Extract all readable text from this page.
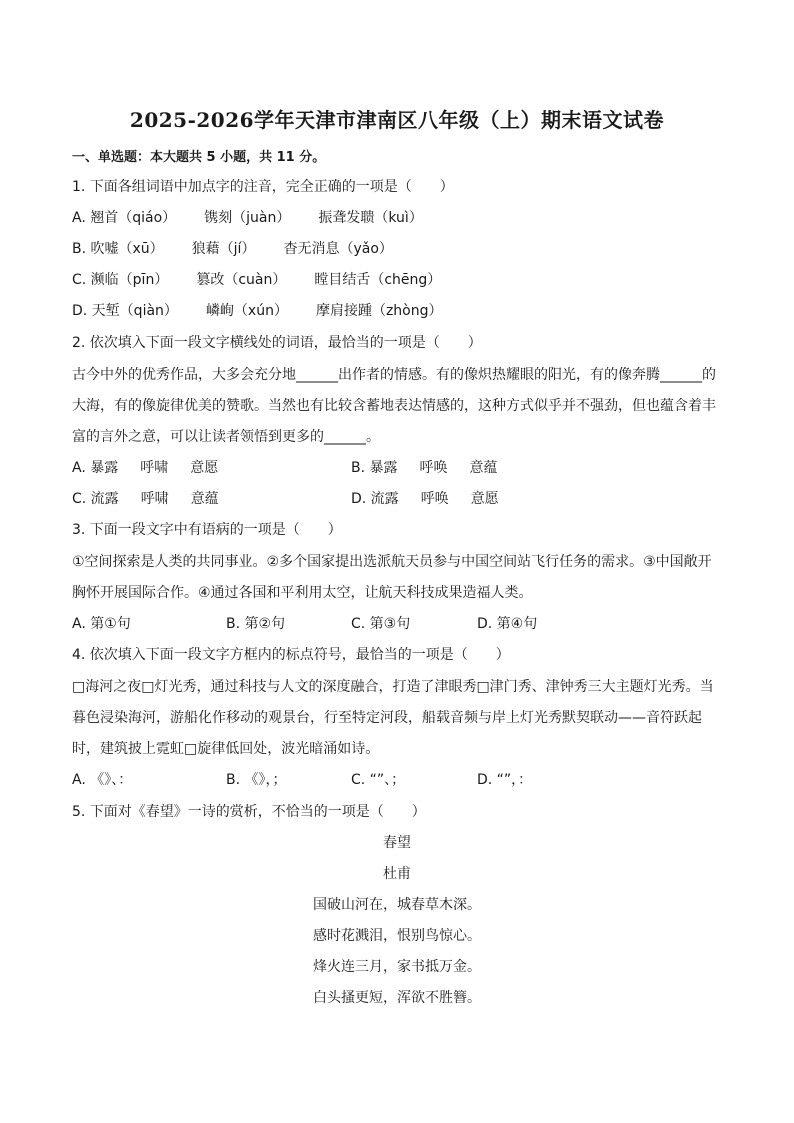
2025-2026学年天津市津南区八年级（上）期末语文试卷
一、单选题：本大题共 5 小题，共 11 分。
1. 下面各组词语中加点字的注音，完全正确的一项是（　　）
A. 翘首（qiáo） 镌刻（juàn） 振聋发聩（kuì）
B. 吹嘘（xū） 狼藉（jí） 杳无消息（yǎo）
C. 濒临（pīn） 篡改（cuàn） 瞠目结舌（chēng）
D. 天堑（qiàn） 嶙峋（xún） 摩肩接踵（zhòng）
2. 依次填入下面一段文字横线处的词语，最恰当的一项是（　　）
古今中外的优秀作品，大多会充分地______出作者的情感。有的像炽热耀眼的阳光，有的像奔腾______的
大海，有的像旋律优美的赞歌。当然也有比较含蓄地表达情感的，这种方式似乎并不强劲，但也蕴含着丰
富的言外之意，可以让读者领悟到更多的______。
A. 暴露 呼啸 意愿	B. 暴露 呼唤 意蕴
C. 流露 呼啸 意蕴	D. 流露 呼唤 意愿
3. 下面一段文字中有语病的一项是（　　）
①空间探索是人类的共同事业。②多个国家提出选派航天员参与中国空间站飞行任务的需求。③中国敞开
胸怀开展国际合作。④通过各国和平利用太空，让航天科技成果造福人类。
A. 第①句	B. 第②句	C. 第③句	D. 第④句
4. 依次填入下面一段文字方框内的标点符号，最恰当的一项是（　　）
□海河之夜□灯光秀，通过科技与人文的深度融合，打造了津眼秀□津门秀、津钟秀三大主题灯光秀。当
暮色浸染海河，游船化作移动的观景台，行至特定河段，船载音频与岸上灯光秀默契联动——音符跃起
时，建筑披上霓虹□旋律低回处，波光暗涌如诗。
A. 《》、：	B. 《》，；	C. “”、；	D. “”，：
5. 下面对《春望》一诗的赏析，不恰当的一项是（　　）
春望
杜甫
国破山河在，城春草木深。
感时花溅泪，恨别鸟惊心。
烽火连三月，家书抵万金。
白头搔更短，浑欲不胜簪。
